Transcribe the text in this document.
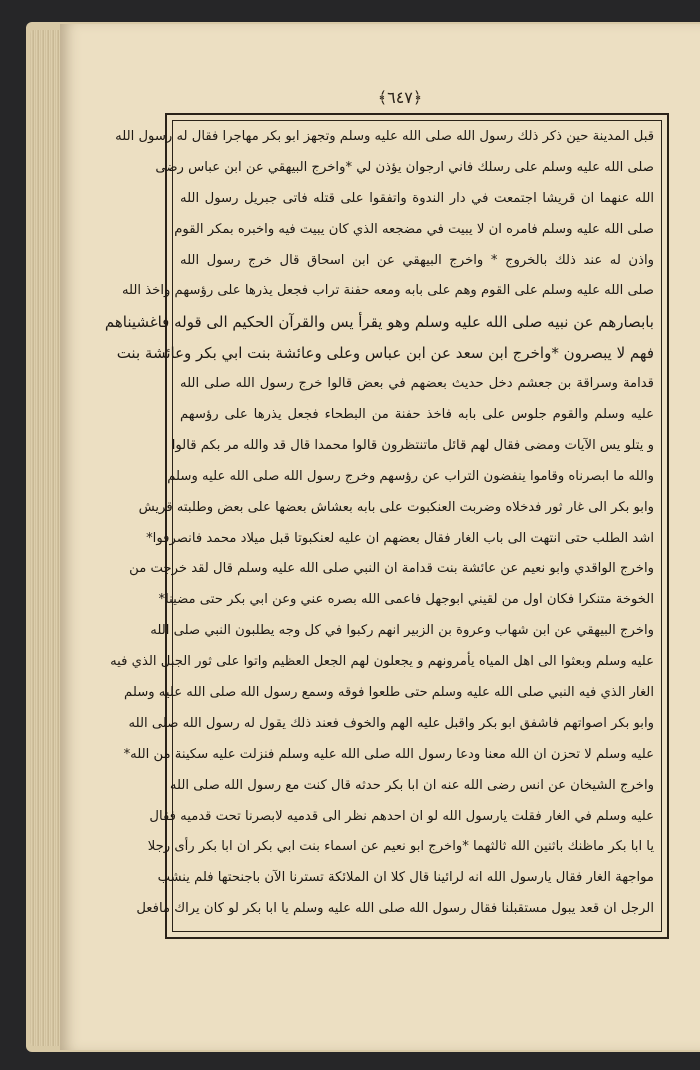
﴿٦٤٧﴾
قبل المدينة حين ذكر ذلك رسول الله صلى الله عليه وسلم وتجهز ابو بكر مهاجرا فقال له رسول الله
صلى الله عليه وسلم على رسلك فاني ارجوان يؤذن لي *واخرج البيهقي عن ابن عباس رضى
الله عنهما ان قريشا اجتمعت في دار الندوة واتفقوا على قتله فاتى جبريل رسول الله
صلى الله عليه وسلم فامره ان لا يبيت في مضجعه الذي كان يبيت فيه واخبره بمكر القوم
واذن له عند ذلك بالخروج * واخرج البيهقي عن ابن اسحاق قال خرج رسول الله
صلى الله عليه وسلم على القوم وهم على بابه ومعه حفنة تراب فجعل يذرها على رؤسهم واخذ الله
بابصارهم عن نبيه صلى الله عليه وسلم وهو يقرأ يس والقرآن الحكيم الى قوله فاغشيناهم
فهم لا يبصرون *واخرج ابن سعد عن ابن عباس وعلى وعائشة بنت ابي بكر وعائشة بنت
قدامة وسراقة بن جعشم دخل حديث بعضهم في بعض قالوا خرج رسول الله صلى الله
عليه وسلم والقوم جلوس على بابه فاخذ حفنة من البطحاء فجعل يذرها على رؤسهم
و يتلو يس الآيات ومضى فقال لهم قائل ماتنتظرون قالوا محمدا قال قد والله مر بكم قالوا
والله ما ابصرناه وقاموا ينفضون التراب عن رؤسهم وخرج رسول الله صلى الله عليه وسلم
وابو بكر الى غار ثور فدخلاه وضربت العنكبوت على بابه بعشاش بعضها على بعض وطلبته قريش
اشد الطلب حتى انتهت الى باب الغار فقال بعضهم ان عليه لعنكبوتا قبل ميلاد محمد فانصرفوا*
واخرج الواقدي وابو نعيم عن عائشة بنت قدامة ان النبي صلى الله عليه وسلم قال لقد خرجت من
الخوخة متنكرا فكان اول من لقيني ابوجهل فاعمى الله بصره عني وعن ابي بكر حتى مضينا*
واخرج البيهقي عن ابن شهاب وعروة بن الزبير انهم ركبوا في كل وجه يطلبون النبي صلى الله
عليه وسلم وبعثوا الى اهل المياه يأمرونهم و يجعلون لهم الجعل العظيم واتوا على ثور الجبل الذي فيه
الغار الذي فيه النبي صلى الله عليه وسلم حتى طلعوا فوقه وسمع رسول الله صلى الله عليه وسلم
وابو بكر اصواتهم فاشفق ابو بكر واقبل عليه الهم والخوف فعند ذلك يقول له رسول الله صلى الله
عليه وسلم لا تحزن ان الله معنا ودعا رسول الله صلى الله عليه وسلم فنزلت عليه سكينة من الله*
واخرج الشيخان عن انس رضى الله عنه ان ابا بكر حدثه قال كنت مع رسول الله صلى الله
عليه وسلم في الغار فقلت يارسول الله لو ان احدهم نظر الى قدميه لابصرنا تحت قدميه فقال
يا ابا بكر ماظنك باثنين الله ثالثهما *واخرج ابو نعيم عن اسماء بنت ابي بكر ان ابا بكر رأى رجلا
مواجهة الغار فقال يارسول الله انه لرائينا قال كلا ان الملائكة تسترنا الآن باجنحتها فلم ينشب
الرجل ان قعد يبول مستقبلنا فقال رسول الله صلى الله عليه وسلم يا ابا بكر لو كان يراك مافعل
